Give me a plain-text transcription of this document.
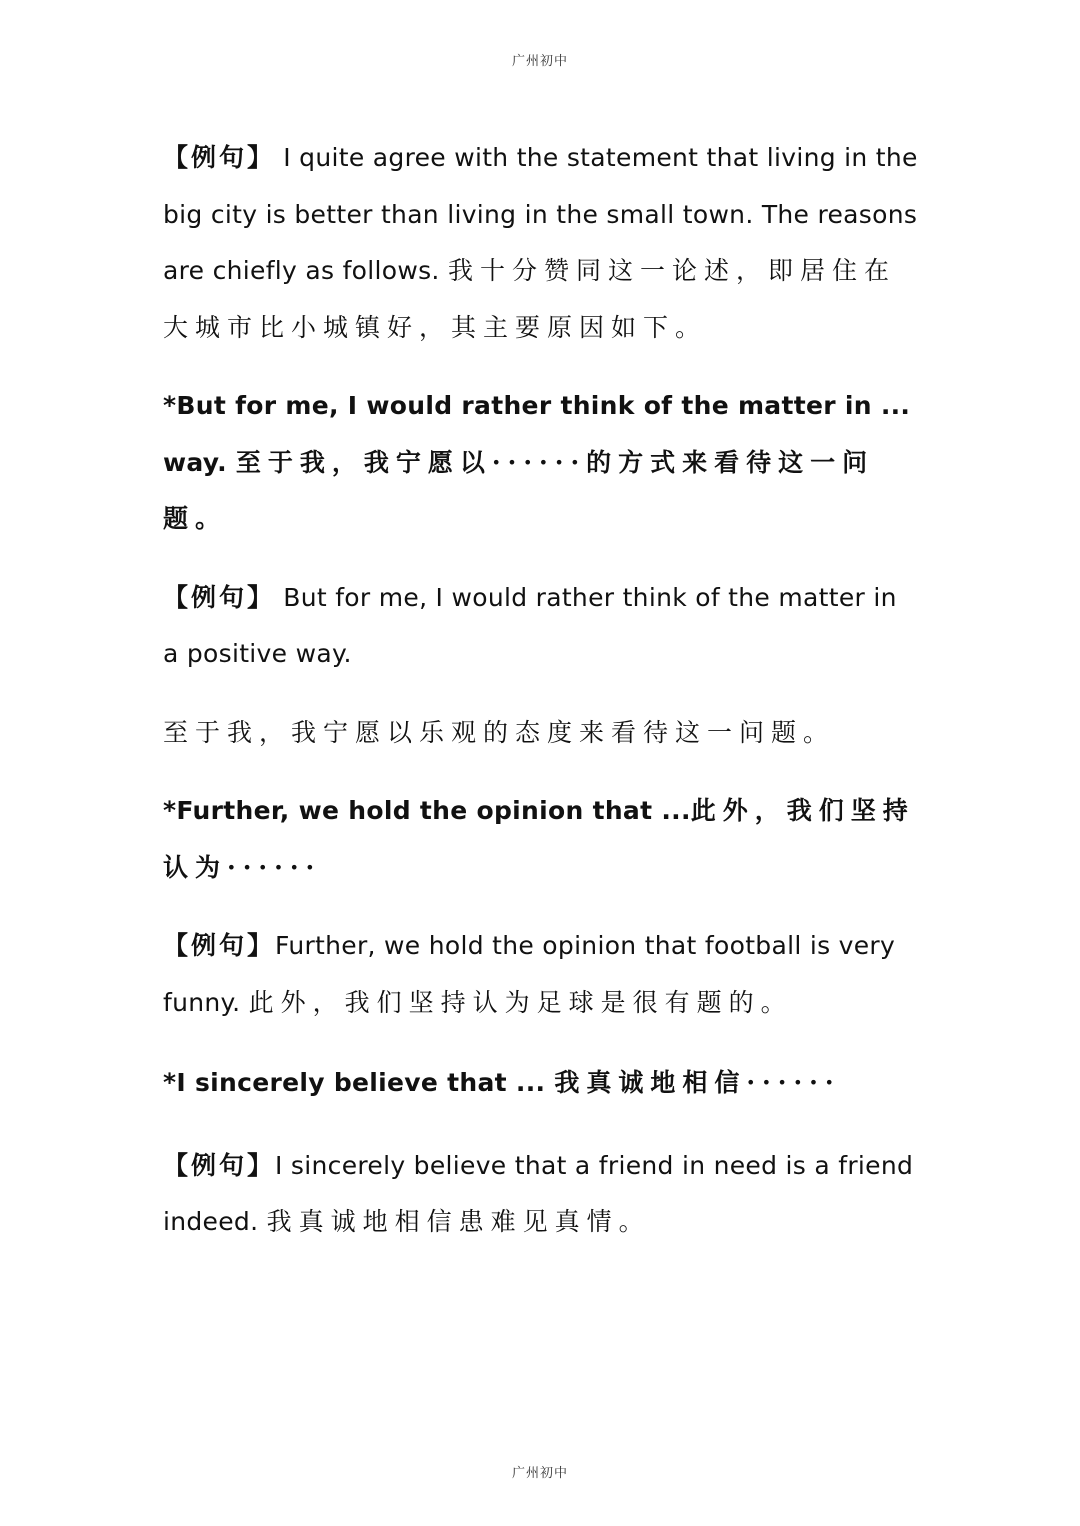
广州初中

【例句】 I quite agree with the statement that living in the big city is better than living in the small town. The reasons are chiefly as follows. 我十分赞同这一论述，即居住在大城市比小城镇好，其主要原因如下。

*But for me, I would rather think of the matter in ... way. 至于我，我宁愿以······的方式来看待这一问题。

【例句】 But for me, I would rather think of the matter in a positive way.

至于我，我宁愿以乐观的态度来看待这一问题。

*Further, we hold the opinion that ...此外，我们坚持认为······

【例句】Further, we hold the opinion that football is very funny. 此外，我们坚持认为足球是很有题的。

*I sincerely believe that ... 我真诚地相信······

【例句】I sincerely believe that a friend in need is a friend indeed. 我真诚地相信患难见真情。

广州初中
